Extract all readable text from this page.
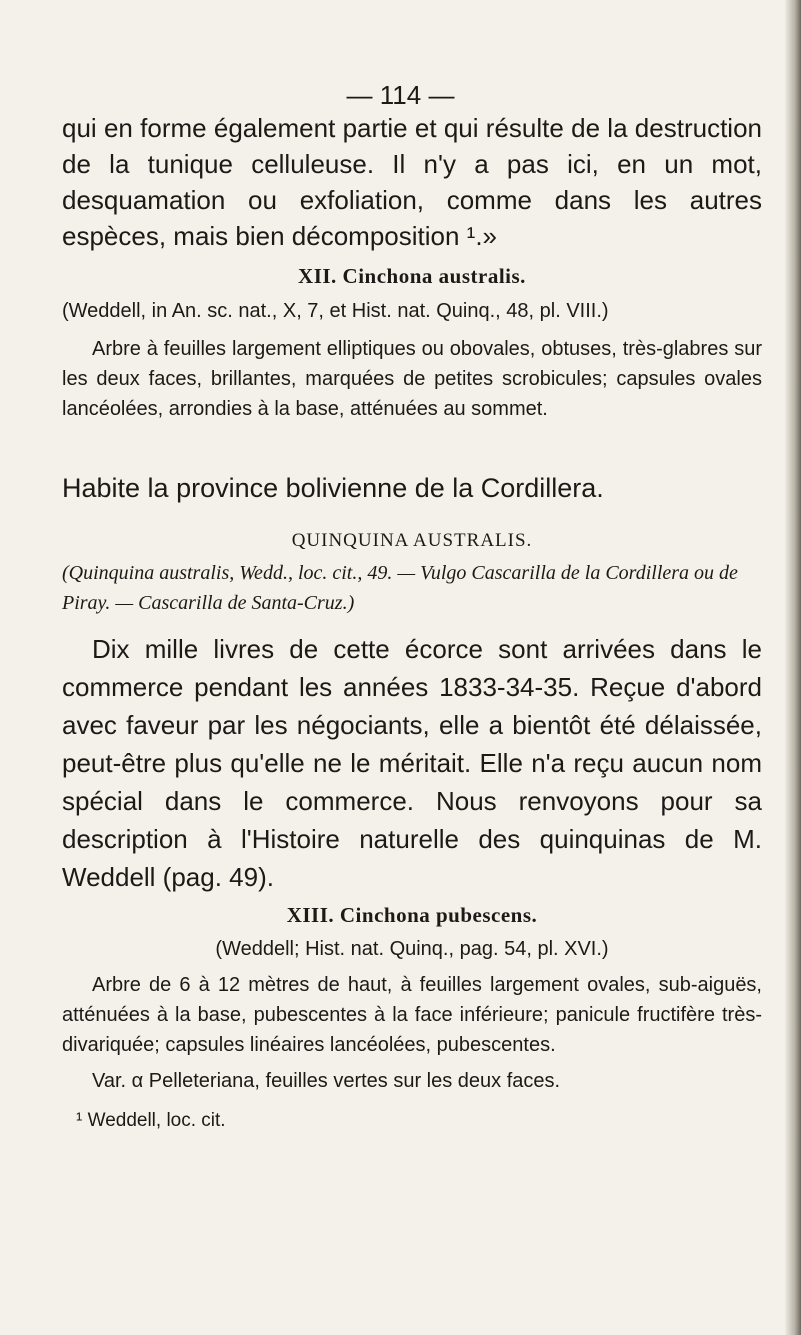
— 114 —

qui en forme également partie et qui résulte de la destruction de la tunique celluleuse. Il n'y a pas ici, en un mot, desquamation ou exfoliation, comme dans les autres espèces, mais bien décomposition ¹.»

XII. Cinchona australis.

(Weddell, in An. sc. nat., X, 7, et Hist. nat. Quinq., 48, pl. VIII.)

Arbre à feuilles largement elliptiques ou obovales, obtuses, très-glabres sur les deux faces, brillantes, marquées de petites scrobicules; capsules ovales lancéolées, arrondies à la base, atténuées au sommet.

Habite la province bolivienne de la Cordillera.
QUINQUINA AUSTRALIS.

(Quinquina australis, Wedd., loc. cit., 49. — Vulgo Cascarilla de la Cordillera ou de Piray. — Cascarilla de Santa-Cruz.)

Dix mille livres de cette écorce sont arrivées dans le commerce pendant les années 1833-34-35. Reçue d'abord avec faveur par les négociants, elle a bientôt été délaissée, peut-être plus qu'elle ne le méritait. Elle n'a reçu aucun nom spécial dans le commerce. Nous renvoyons pour sa description à l'Histoire naturelle des quinquinas de M. Weddell (pag. 49).

XIII. Cinchona pubescens.
(Weddell; Hist. nat. Quinq., pag. 54, pl. XVI.)

Arbre de 6 à 12 mètres de haut, à feuilles largement ovales, sub-aiguës, atténuées à la base, pubescentes à la face inférieure; panicule fructifère très-divariquée; capsules linéaires lancéolées, pubescentes.

Var. α Pelleteriana, feuilles vertes sur les deux faces.

¹ Weddell, loc. cit.
